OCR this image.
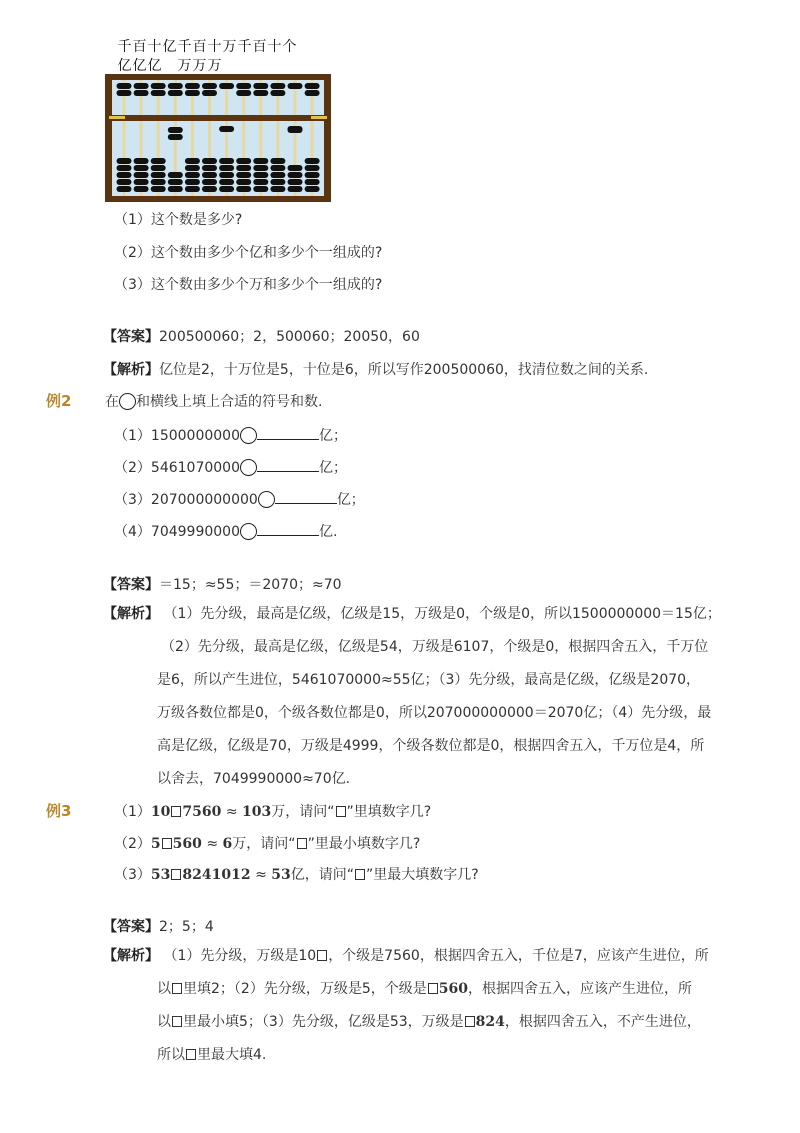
千百十亿千百十万千百十个
亿亿亿 万万万
（1）这个数是多少?
（2）这个数由多少个亿和多少个一组成的?
（3）这个数由多少个万和多少个一组成的?
【答案】200500060；2，500060；20050，60
【解析】亿位是2，十万位是5，十位是6，所以写作200500060，找清位数之间的关系.
例2 在 和横线上填上合适的符号和数.
（1）1500000000	亿；
（2）5461070000	亿；
（3）207000000000	亿；
（4）7049990000	亿.
【答案】＝15；≈55；＝2070；≈70
【解析】 （1）先分级，最高是亿级，亿级是15，万级是0，个级是0，所以1500000000＝15亿；
（2）先分级，最高是亿级，亿级是54，万级是6107，个级是0，根据四舍五入，千万位
是6，所以产生进位，5461070000≈55亿；（3）先分级，最高是亿级，亿级是2070，
万级各数位都是0，个级各数位都是0，所以207000000000＝2070亿；（4）先分级，最
高是亿级，亿级是70，万级是4999，个级各数位都是0，根据四舍五入，千万位是4，所
以舍去，7049990000≈70亿.
例3	（1）10 7560 ≈ 103万，请问“ ”里填数字几?
（2）5 560 ≈ 6万，请问“ ”里最小填数字几?
（3）53 8241012 ≈ 53亿，请问“ ”里最大填数字几?
【答案】2；5；4
【解析】 （1）先分级，万级是10 ，个级是7560，根据四舍五入，千位是7，应该产生进位，所
以 里填2；（2）先分级，万级是5，个级是 560，根据四舍五入，应该产生进位，所
以 里最小填5；（3）先分级，亿级是53，万级是 824，根据四舍五入，不产生进位，
所以 里最大填4.
